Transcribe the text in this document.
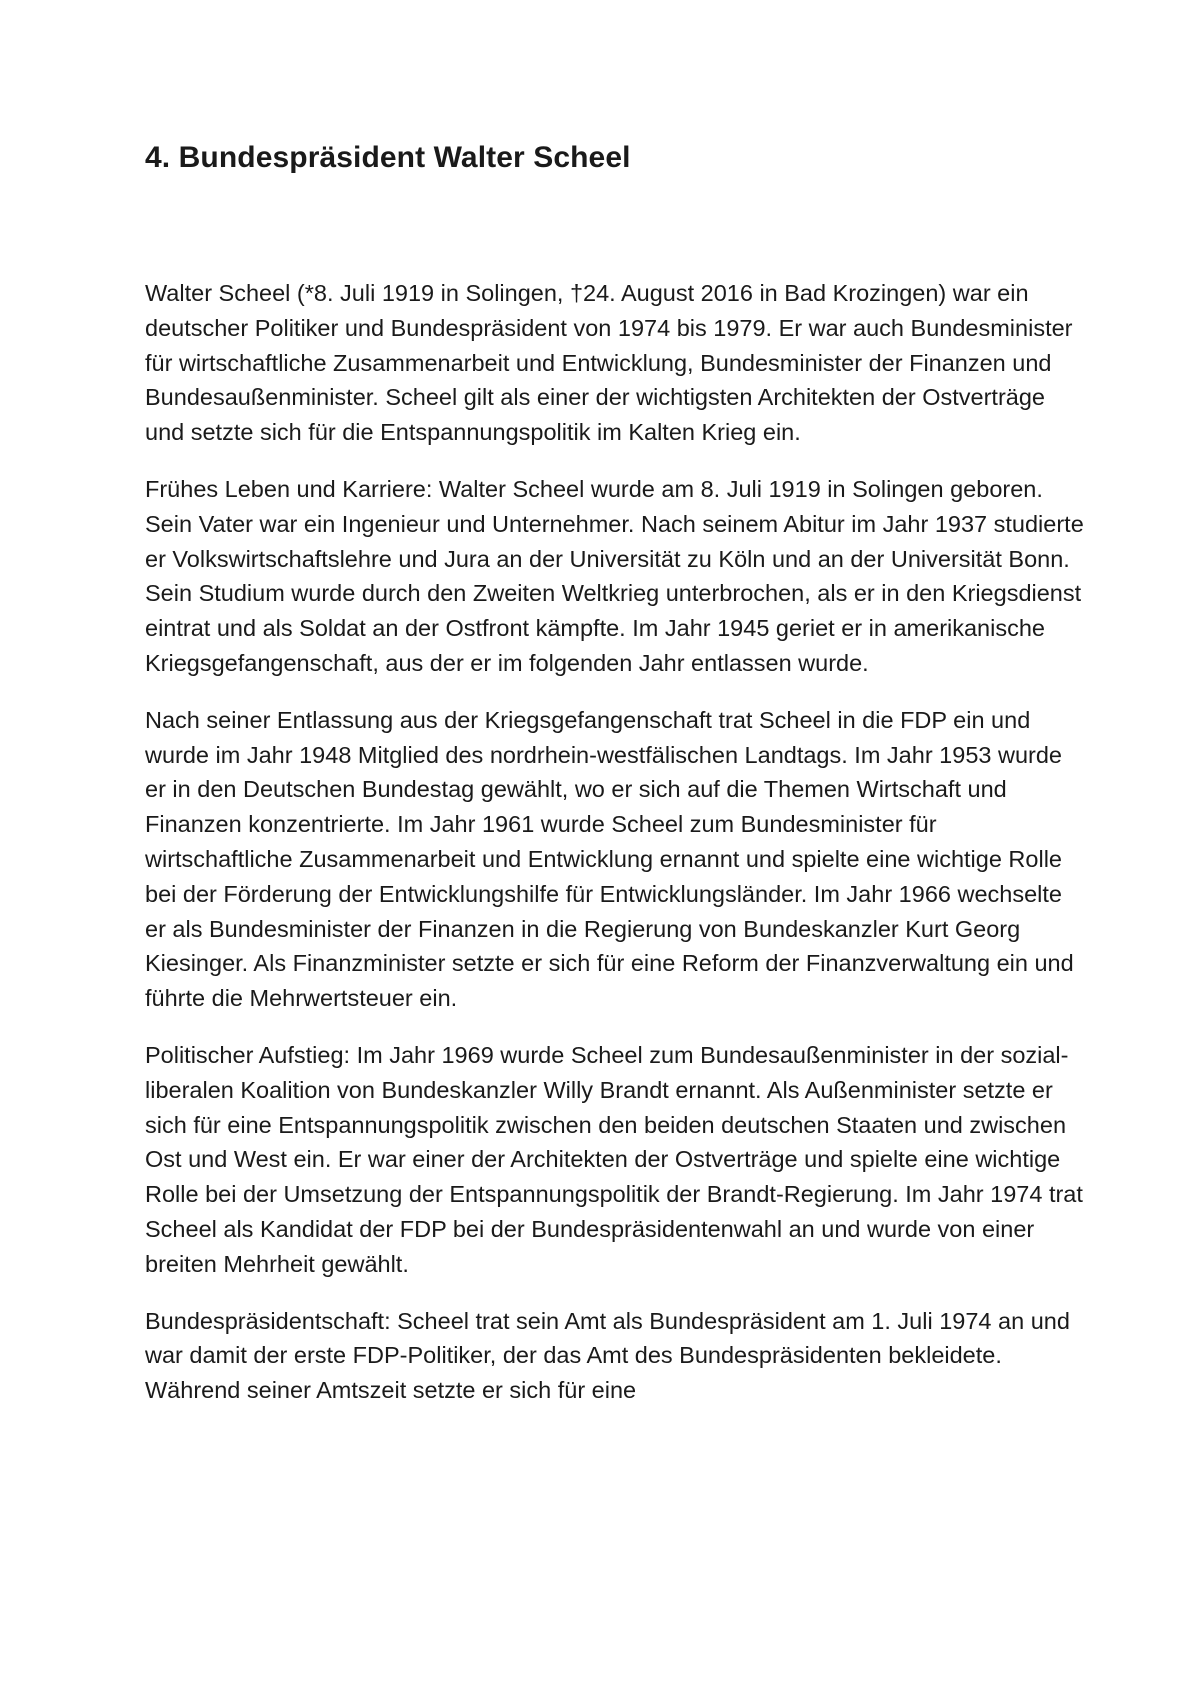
4. Bundespräsident Walter Scheel

Walter Scheel (*8. Juli 1919 in Solingen, †24. August 2016 in Bad Krozingen) war ein deutscher Politiker und Bundespräsident von 1974 bis 1979. Er war auch Bundesminister für wirtschaftliche Zusammenarbeit und Entwicklung, Bundesminister der Finanzen und Bundesaußenminister. Scheel gilt als einer der wichtigsten Architekten der Ostverträge und setzte sich für die Entspannungspolitik im Kalten Krieg ein.

Frühes Leben und Karriere: Walter Scheel wurde am 8. Juli 1919 in Solingen geboren. Sein Vater war ein Ingenieur und Unternehmer. Nach seinem Abitur im Jahr 1937 studierte er Volkswirtschaftslehre und Jura an der Universität zu Köln und an der Universität Bonn. Sein Studium wurde durch den Zweiten Weltkrieg unterbrochen, als er in den Kriegsdienst eintrat und als Soldat an der Ostfront kämpfte. Im Jahr 1945 geriet er in amerikanische Kriegsgefangenschaft, aus der er im folgenden Jahr entlassen wurde.

Nach seiner Entlassung aus der Kriegsgefangenschaft trat Scheel in die FDP ein und wurde im Jahr 1948 Mitglied des nordrhein-westfälischen Landtags. Im Jahr 1953 wurde er in den Deutschen Bundestag gewählt, wo er sich auf die Themen Wirtschaft und Finanzen konzentrierte. Im Jahr 1961 wurde Scheel zum Bundesminister für wirtschaftliche Zusammenarbeit und Entwicklung ernannt und spielte eine wichtige Rolle bei der Förderung der Entwicklungshilfe für Entwicklungsländer. Im Jahr 1966 wechselte er als Bundesminister der Finanzen in die Regierung von Bundeskanzler Kurt Georg Kiesinger. Als Finanzminister setzte er sich für eine Reform der Finanzverwaltung ein und führte die Mehrwertsteuer ein.

Politischer Aufstieg: Im Jahr 1969 wurde Scheel zum Bundesaußenminister in der sozial-liberalen Koalition von Bundeskanzler Willy Brandt ernannt. Als Außenminister setzte er sich für eine Entspannungspolitik zwischen den beiden deutschen Staaten und zwischen Ost und West ein. Er war einer der Architekten der Ostverträge und spielte eine wichtige Rolle bei der Umsetzung der Entspannungspolitik der Brandt-Regierung. Im Jahr 1974 trat Scheel als Kandidat der FDP bei der Bundespräsidentenwahl an und wurde von einer breiten Mehrheit gewählt.

Bundespräsidentschaft: Scheel trat sein Amt als Bundespräsident am 1. Juli 1974 an und war damit der erste FDP-Politiker, der das Amt des Bundespräsidenten bekleidete. Während seiner Amtszeit setzte er sich für eine
